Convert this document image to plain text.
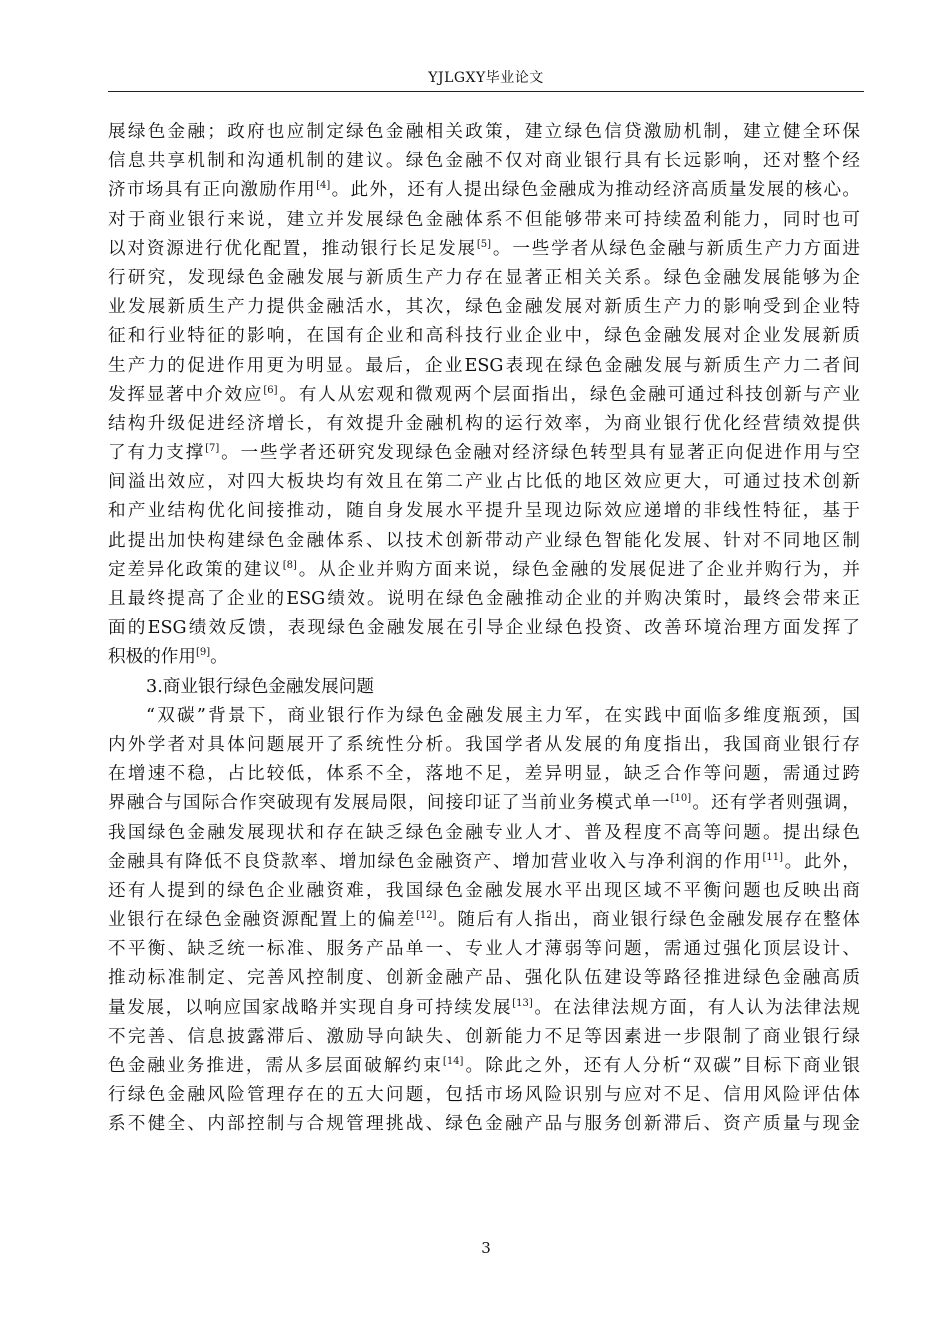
YJLGXY毕业论文
展绿色金融；政府也应制定绿色金融相关政策，建立绿色信贷激励机制，建立健全环保
信息共享机制和沟通机制的建议。绿色金融不仅对商业银行具有长远影响，还对整个经
济市场具有正向激励作用[4]。此外，还有人提出绿色金融成为推动经济高质量发展的核心。
对于商业银行来说，建立并发展绿色金融体系不但能够带来可持续盈利能力，同时也可
以对资源进行优化配置，推动银行长足发展[5]。一些学者从绿色金融与新质生产力方面进
行研究，发现绿色金融发展与新质生产力存在显著正相关关系。绿色金融发展能够为企
业发展新质生产力提供金融活水，其次，绿色金融发展对新质生产力的影响受到企业特
征和行业特征的影响，在国有企业和高科技行业企业中，绿色金融发展对企业发展新质
生产力的促进作用更为明显。最后，企业ESG表现在绿色金融发展与新质生产力二者间
发挥显著中介效应[6]。有人从宏观和微观两个层面指出，绿色金融可通过科技创新与产业
结构升级促进经济增长，有效提升金融机构的运行效率，为商业银行优化经营绩效提供
了有力支撑[7]。一些学者还研究发现绿色金融对经济绿色转型具有显著正向促进作用与空
间溢出效应，对四大板块均有效且在第二产业占比低的地区效应更大，可通过技术创新
和产业结构优化间接推动，随自身发展水平提升呈现边际效应递增的非线性特征，基于
此提出加快构建绿色金融体系、以技术创新带动产业绿色智能化发展、针对不同地区制
定差异化政策的建议[8]。从企业并购方面来说，绿色金融的发展促进了企业并购行为，并
且最终提高了企业的ESG绩效。说明在绿色金融推动企业的并购决策时，最终会带来正
面的ESG绩效反馈，表现绿色金融发展在引导企业绿色投资、改善环境治理方面发挥了
积极的作用[9]。
3.商业银行绿色金融发展问题
“双碳”背景下，商业银行作为绿色金融发展主力军，在实践中面临多维度瓶颈，国
内外学者对具体问题展开了系统性分析。我国学者从发展的角度指出，我国商业银行存
在增速不稳，占比较低，体系不全，落地不足，差异明显，缺乏合作等问题，需通过跨
界融合与国际合作突破现有发展局限，间接印证了当前业务模式单一[10]。还有学者则强调，
我国绿色金融发展现状和存在缺乏绿色金融专业人才、普及程度不高等问题。提出绿色
金融具有降低不良贷款率、增加绿色金融资产、增加营业收入与净利润的作用[11]。此外，
还有人提到的绿色企业融资难，我国绿色金融发展水平出现区域不平衡问题也反映出商
业银行在绿色金融资源配置上的偏差[12]。随后有人指出，商业银行绿色金融发展存在整体
不平衡、缺乏统一标准、服务产品单一、专业人才薄弱等问题，需通过强化顶层设计、
推动标准制定、完善风控制度、创新金融产品、强化队伍建设等路径推进绿色金融高质
量发展，以响应国家战略并实现自身可持续发展[13]。在法律法规方面，有人认为法律法规
不完善、信息披露滞后、激励导向缺失、创新能力不足等因素进一步限制了商业银行绿
色金融业务推进，需从多层面破解约束[14]。除此之外，还有人分析“双碳”目标下商业银
行绿色金融风险管理存在的五大问题，包括市场风险识别与应对不足、信用风险评估体
系不健全、内部控制与合规管理挑战、绿色金融产品与服务创新滞后、资产质量与现金
3
